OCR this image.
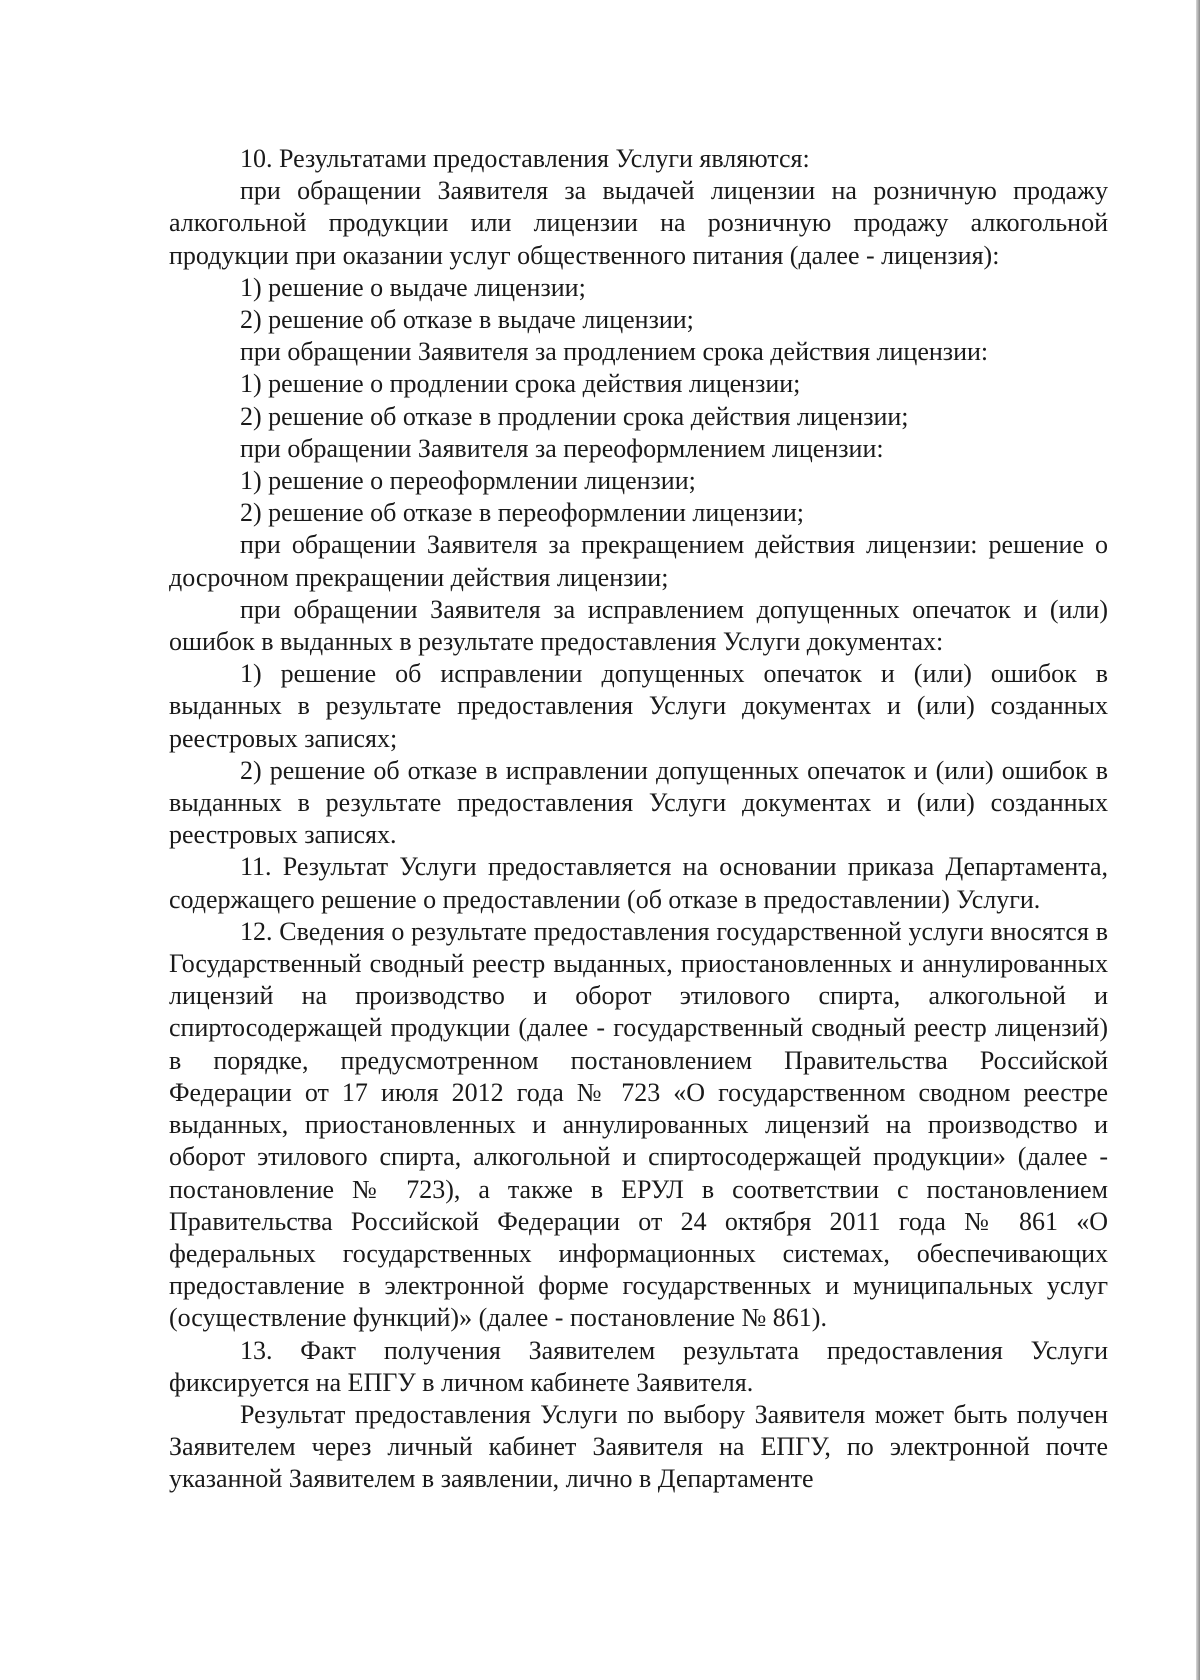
10. Результатами предоставления Услуги являются:

при обращении Заявителя за выдачей лицензии на розничную продажу алкогольной продукции или лицензии на розничную продажу алкогольной продукции при оказании услуг общественного питания (далее - лицензия):

1) решение о выдаче лицензии;

2) решение об отказе в выдаче лицензии;

при обращении Заявителя за продлением срока действия лицензии:

1) решение о продлении срока действия лицензии;

2) решение об отказе в продлении срока действия лицензии;

при обращении Заявителя за переоформлением лицензии:

1) решение о переоформлении лицензии;

2) решение об отказе в переоформлении лицензии;

при обращении Заявителя за прекращением действия лицензии: решение о досрочном прекращении действия лицензии;

при обращении Заявителя за исправлением допущенных опечаток и (или) ошибок в выданных в результате предоставления Услуги документах:

1) решение об исправлении допущенных опечаток и (или) ошибок в выданных в результате предоставления Услуги документах и (или) созданных реестровых записях;

2) решение об отказе в исправлении допущенных опечаток и (или) ошибок в выданных в результате предоставления Услуги документах и (или) созданных реестровых записях.

11. Результат Услуги предоставляется на основании приказа Департамента, содержащего решение о предоставлении (об отказе в предоставлении) Услуги.

12. Сведения о результате предоставления государственной услуги вносятся в Государственный сводный реестр выданных, приостановленных и аннулированных лицензий на производство и оборот этилового спирта, алкогольной и спиртосодержащей продукции (далее - государственный сводный реестр лицензий) в порядке, предусмотренном постановлением Правительства Российской Федерации от 17 июля 2012 года № 723 «О государственном сводном реестре выданных, приостановленных и аннулированных лицензий на производство и оборот этилового спирта, алкогольной и спиртосодержащей продукции» (далее - постановление № 723), а также в ЕРУЛ в соответствии с постановлением Правительства Российской Федерации от 24 октября 2011 года № 861 «О федеральных государственных информационных системах, обеспечивающих предоставление в электронной форме государственных и муниципальных услуг (осуществление функций)» (далее - постановление № 861).

13. Факт получения Заявителем результата предоставления Услуги фиксируется на ЕПГУ в личном кабинете Заявителя.

Результат предоставления Услуги по выбору Заявителя может быть получен Заявителем через личный кабинет Заявителя на ЕПГУ, по электронной почте указанной Заявителем в заявлении, лично в Департаменте
